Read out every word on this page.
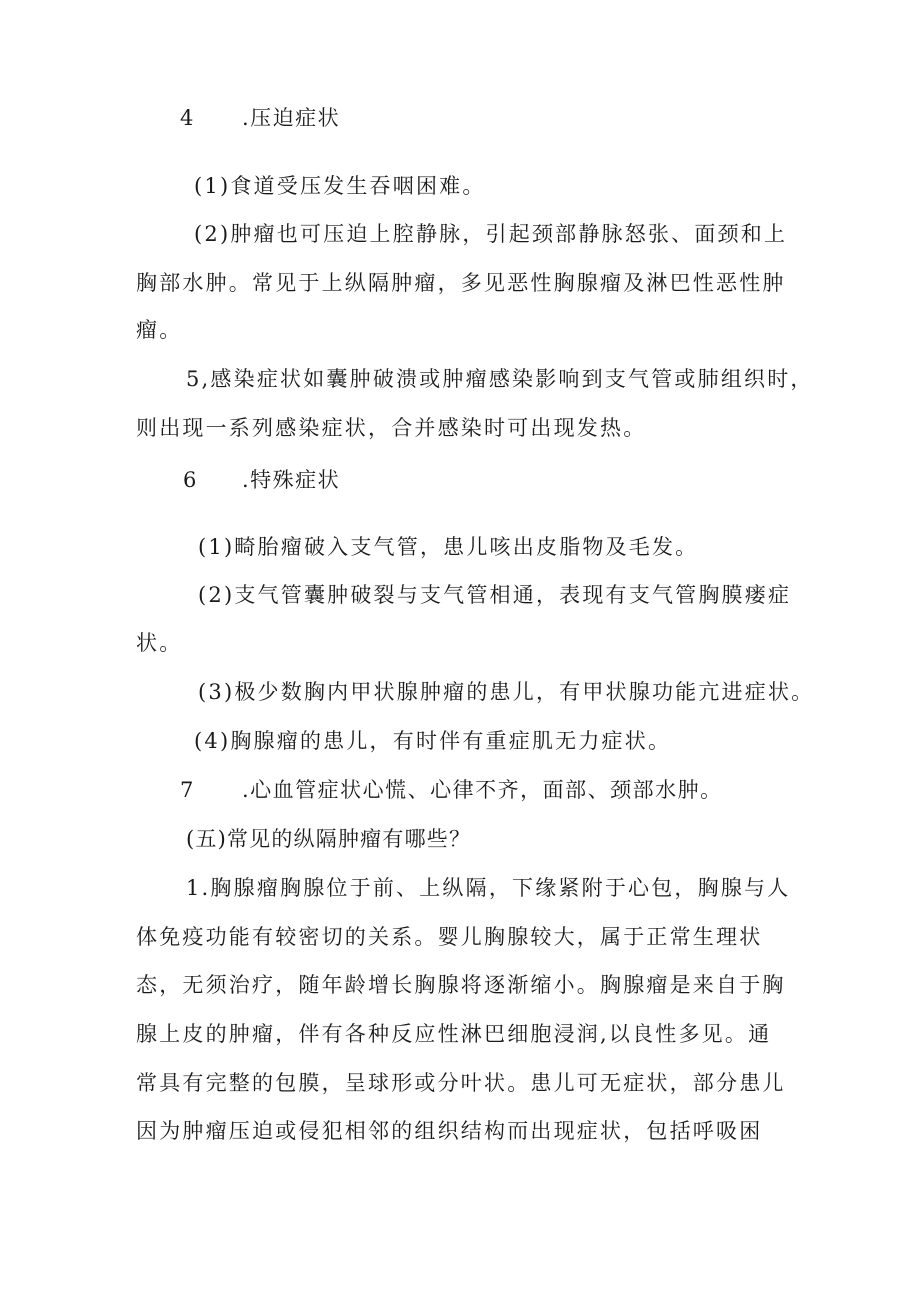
4 .压迫症状
(1)食道受压发生吞咽困难。
(2)肿瘤也可压迫上腔静脉，引起颈部静脉怒张、面颈和上
胸部水肿。常见于上纵隔肿瘤，多见恶性胸腺瘤及淋巴性恶性肿
瘤。
5,感染症状如囊肿破溃或肿瘤感染影响到支气管或肺组织时，
则出现一系列感染症状，合并感染时可出现发热。
6 .特殊症状
(1)畸胎瘤破入支气管，患儿咳出皮脂物及毛发。
(2)支气管囊肿破裂与支气管相通，表现有支气管胸膜瘘症
状。
(3)极少数胸内甲状腺肿瘤的患儿，有甲状腺功能亢进症状。
(4)胸腺瘤的患儿，有时伴有重症肌无力症状。
7 .心血管症状心慌、心律不齐，面部、颈部水肿。
(五)常见的纵隔肿瘤有哪些？
1.胸腺瘤胸腺位于前、上纵隔，下缘紧附于心包，胸腺与人
体免疫功能有较密切的关系。婴儿胸腺较大，属于正常生理状
态，无须治疗，随年龄增长胸腺将逐渐缩小。胸腺瘤是来自于胸
腺上皮的肿瘤，伴有各种反应性淋巴细胞浸润,以良性多见。通
常具有完整的包膜，呈球形或分叶状。患儿可无症状，部分患儿
因为肿瘤压迫或侵犯相邻的组织结构而出现症状，包括呼吸困
